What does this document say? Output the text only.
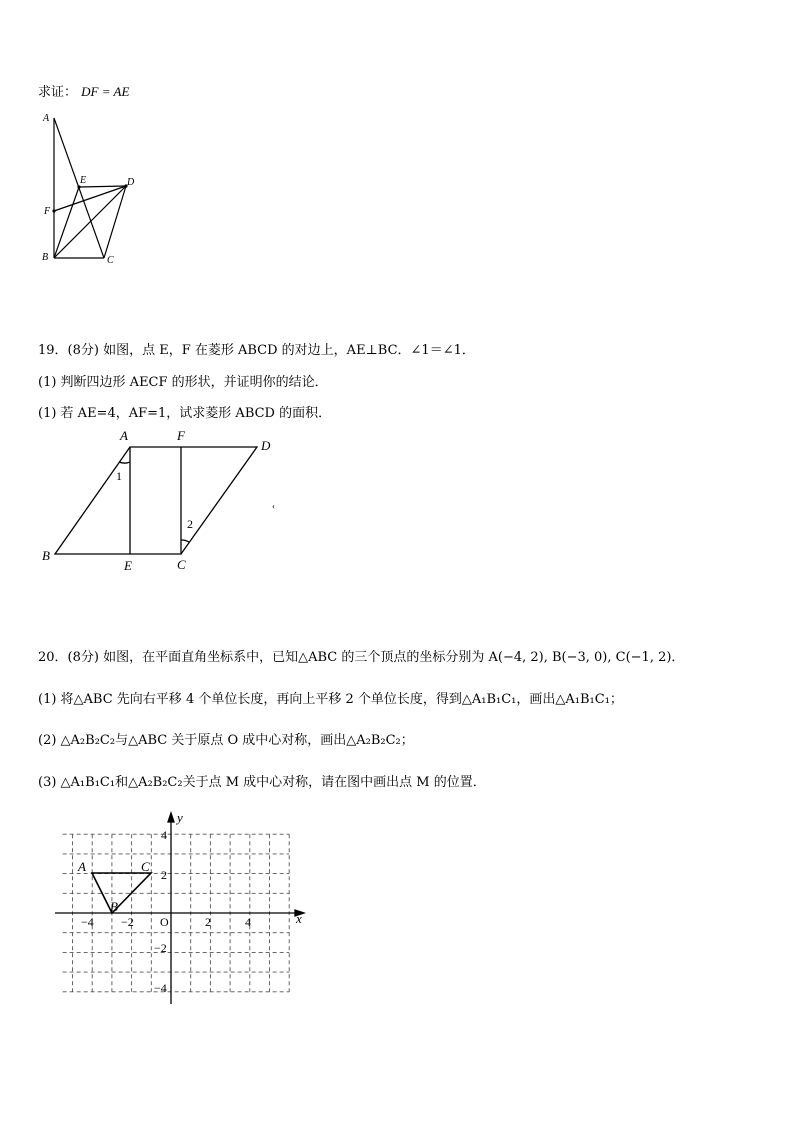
求证： DF = AE
A
E	D
F
B	C
19．(8分) 如图，点 E，F 在菱形 ABCD 的对边上，AE⊥BC．∠1＝∠1．
(1) 判断四边形 AECF 的形状，并证明你的结论．
(1) 若 AE=4，AF=1，试求菱形 ABCD 的面积．
A	F
D
B
E	C
1
2
‹
20．(8分) 如图，在平面直角坐标系中，已知△ABC 的三个顶点的坐标分别为 A(−4, 2), B(−3, 0), C(−1, 2)．
(1) 将△ABC 先向右平移 4 个单位长度，再向上平移 2 个单位长度，得到△A₁B₁C₁，画出△A₁B₁C₁；
(2) △A₂B₂C₂与△ABC 关于原点 O 成中心对称，画出△A₂B₂C₂；
(3) △A₁B₁C₁和△A₂B₂C₂关于点 M 成中心对称，请在图中画出点 M 的位置．
x
y
O
−4 −2	2	4
4
2
−2
−4
A
B
C
